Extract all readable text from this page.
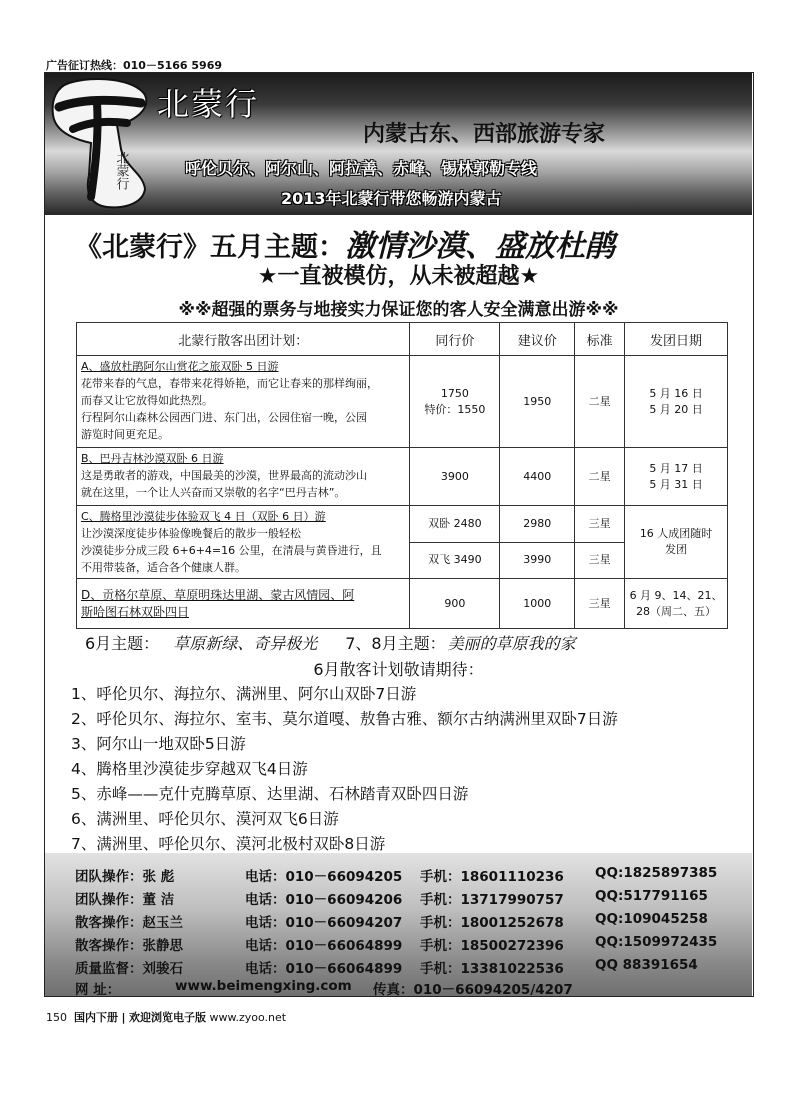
广告征订热线：010－5166 5969
北蒙行
北蒙行
内蒙古东、西部旅游专家
呼伦贝尔、阿尔山、阿拉善、赤峰、锡林郭勒专线
2013年北蒙行带您畅游内蒙古
《北蒙行》五月主题：激情沙漠、盛放杜鹃
★一直被模仿，从未被超越★
※※超强的票务与地接实力保证您的客人安全满意出游※※
北蒙行散客出团计划：	同行价	建议价	标准	发团日期

A、盛放杜鹃阿尔山赏花之旅双卧 5 日游
花带来春的气息，春带来花得娇艳，而它让春来的那样绚丽，
而春又让它放得如此热烈。
行程阿尔山森林公园西门进、东门出，公园住宿一晚，公园
游览时间更充足。	1750
特价：1550	1950	二星	5 月 16 日
5 月 20 日

B、巴丹吉林沙漠双卧 6 日游
这是勇敢者的游戏，中国最美的沙漠，世界最高的流动沙山
就在这里，一个让人兴奋而又崇敬的名字“巴丹吉林”。	3900	4400	二星	5 月 17 日
5 月 31 日

C、腾格里沙漠徒步体验双飞 4 日（双卧 6 日）游
让沙漠深度徒步体验像晚餐后的散步一般轻松
沙漠徒步分成三段 6+6+4=16 公里，在清晨与黄昏进行，且
不用带装备，适合各个健康人群。	双卧 2480	2980	三星	16 人成团随时
发团
	双飞 3490	3990	三星	
D、贡格尔草原、草原明珠达里湖、蒙古风情园、阿
斯哈图石林双卧四日	900	1000	三星	6 月 9、14、21、
28（周二、五）
6月主题： 草原新绿、奇异极光 7、8月主题： 美丽的草原我的家
6月散客计划敬请期待：
1、呼伦贝尔、海拉尔、满洲里、阿尔山双卧7日游
2、呼伦贝尔、海拉尔、室韦、莫尔道嘎、敖鲁古雅、额尔古纳满洲里双卧7日游
3、阿尔山一地双卧5日游
4、腾格里沙漠徒步穿越双飞4日游
5、赤峰——克什克腾草原、达里湖、石林踏青双卧四日游
6、满洲里、呼伦贝尔、漠河双飞6日游
7、满洲里、呼伦贝尔、漠河北极村双卧8日游
团队操作：张 彪	电话：010－66094205 手机：18601110236 QQ:1825897385
团队操作：董 洁	电话：010－66094206 手机：13717990757 QQ:517791165
散客操作：赵玉兰	电话：010－66094207 手机：18001252678 QQ:109045258
散客操作：张静思	电话：010－66064899 手机：18500272396 QQ:1509972435
质量监督：刘骏石	电话：010－66064899 手机：13381022536 QQ 88391654
网 址：	www.beimengxing.com 传真：010－66094205/4207
150 国内下册 | 欢迎浏览电子版 www.zyoo.net
